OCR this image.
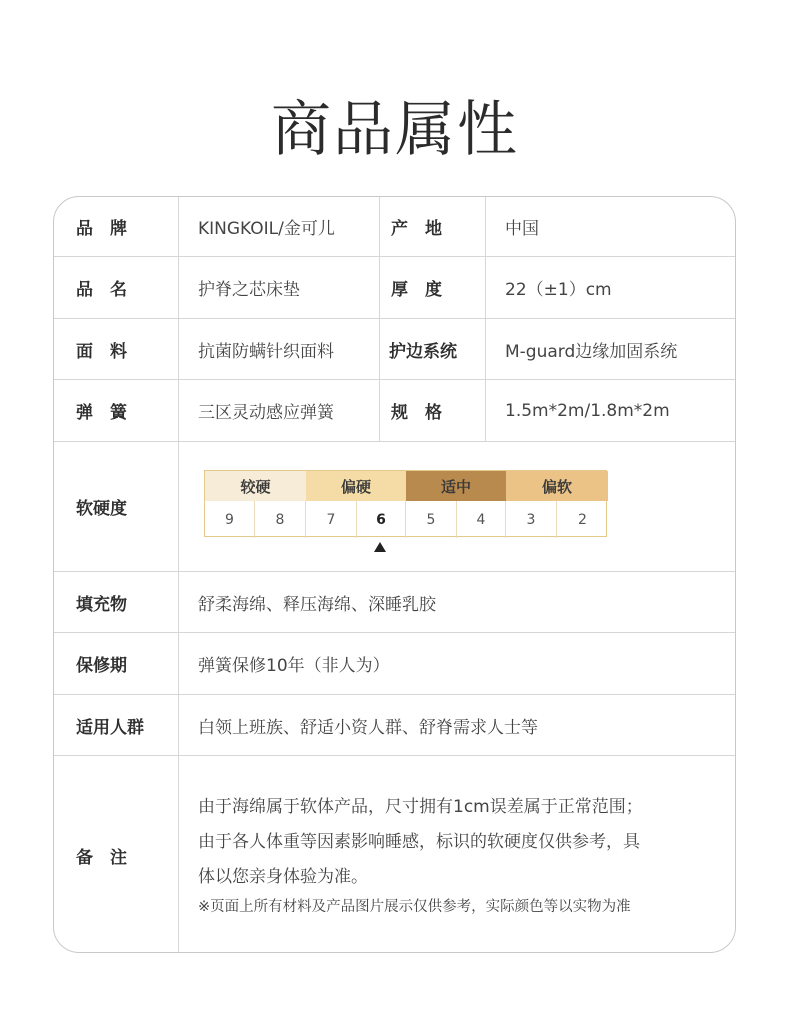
商品属性
品　牌	KINGKOIL/金可儿	产　地	中国
品　名	护脊之芯床垫	厚　度	22（±1）cm
面　料	抗菌防螨针织面料	护边系统	M-guard边缘加固系统
弹　簧	三区灵动感应弹簧	规　格	1.5m*2m/1.8m*2m
软硬度
较硬	偏硬	适中	偏软
9	8	7	6	5	4	3	2
填充物	舒柔海绵、释压海绵、深睡乳胶
保修期	弹簧保修10年（非人为）
适用人群	白领上班族、舒适小资人群、舒脊需求人士等
备　注
由于海绵属于软体产品，尺寸拥有1cm误差属于正常范围；
由于各人体重等因素影响睡感，标识的软硬度仅供参考，具
体以您亲身体验为准。
※页面上所有材料及产品图片展示仅供参考，实际颜色等以实物为准
